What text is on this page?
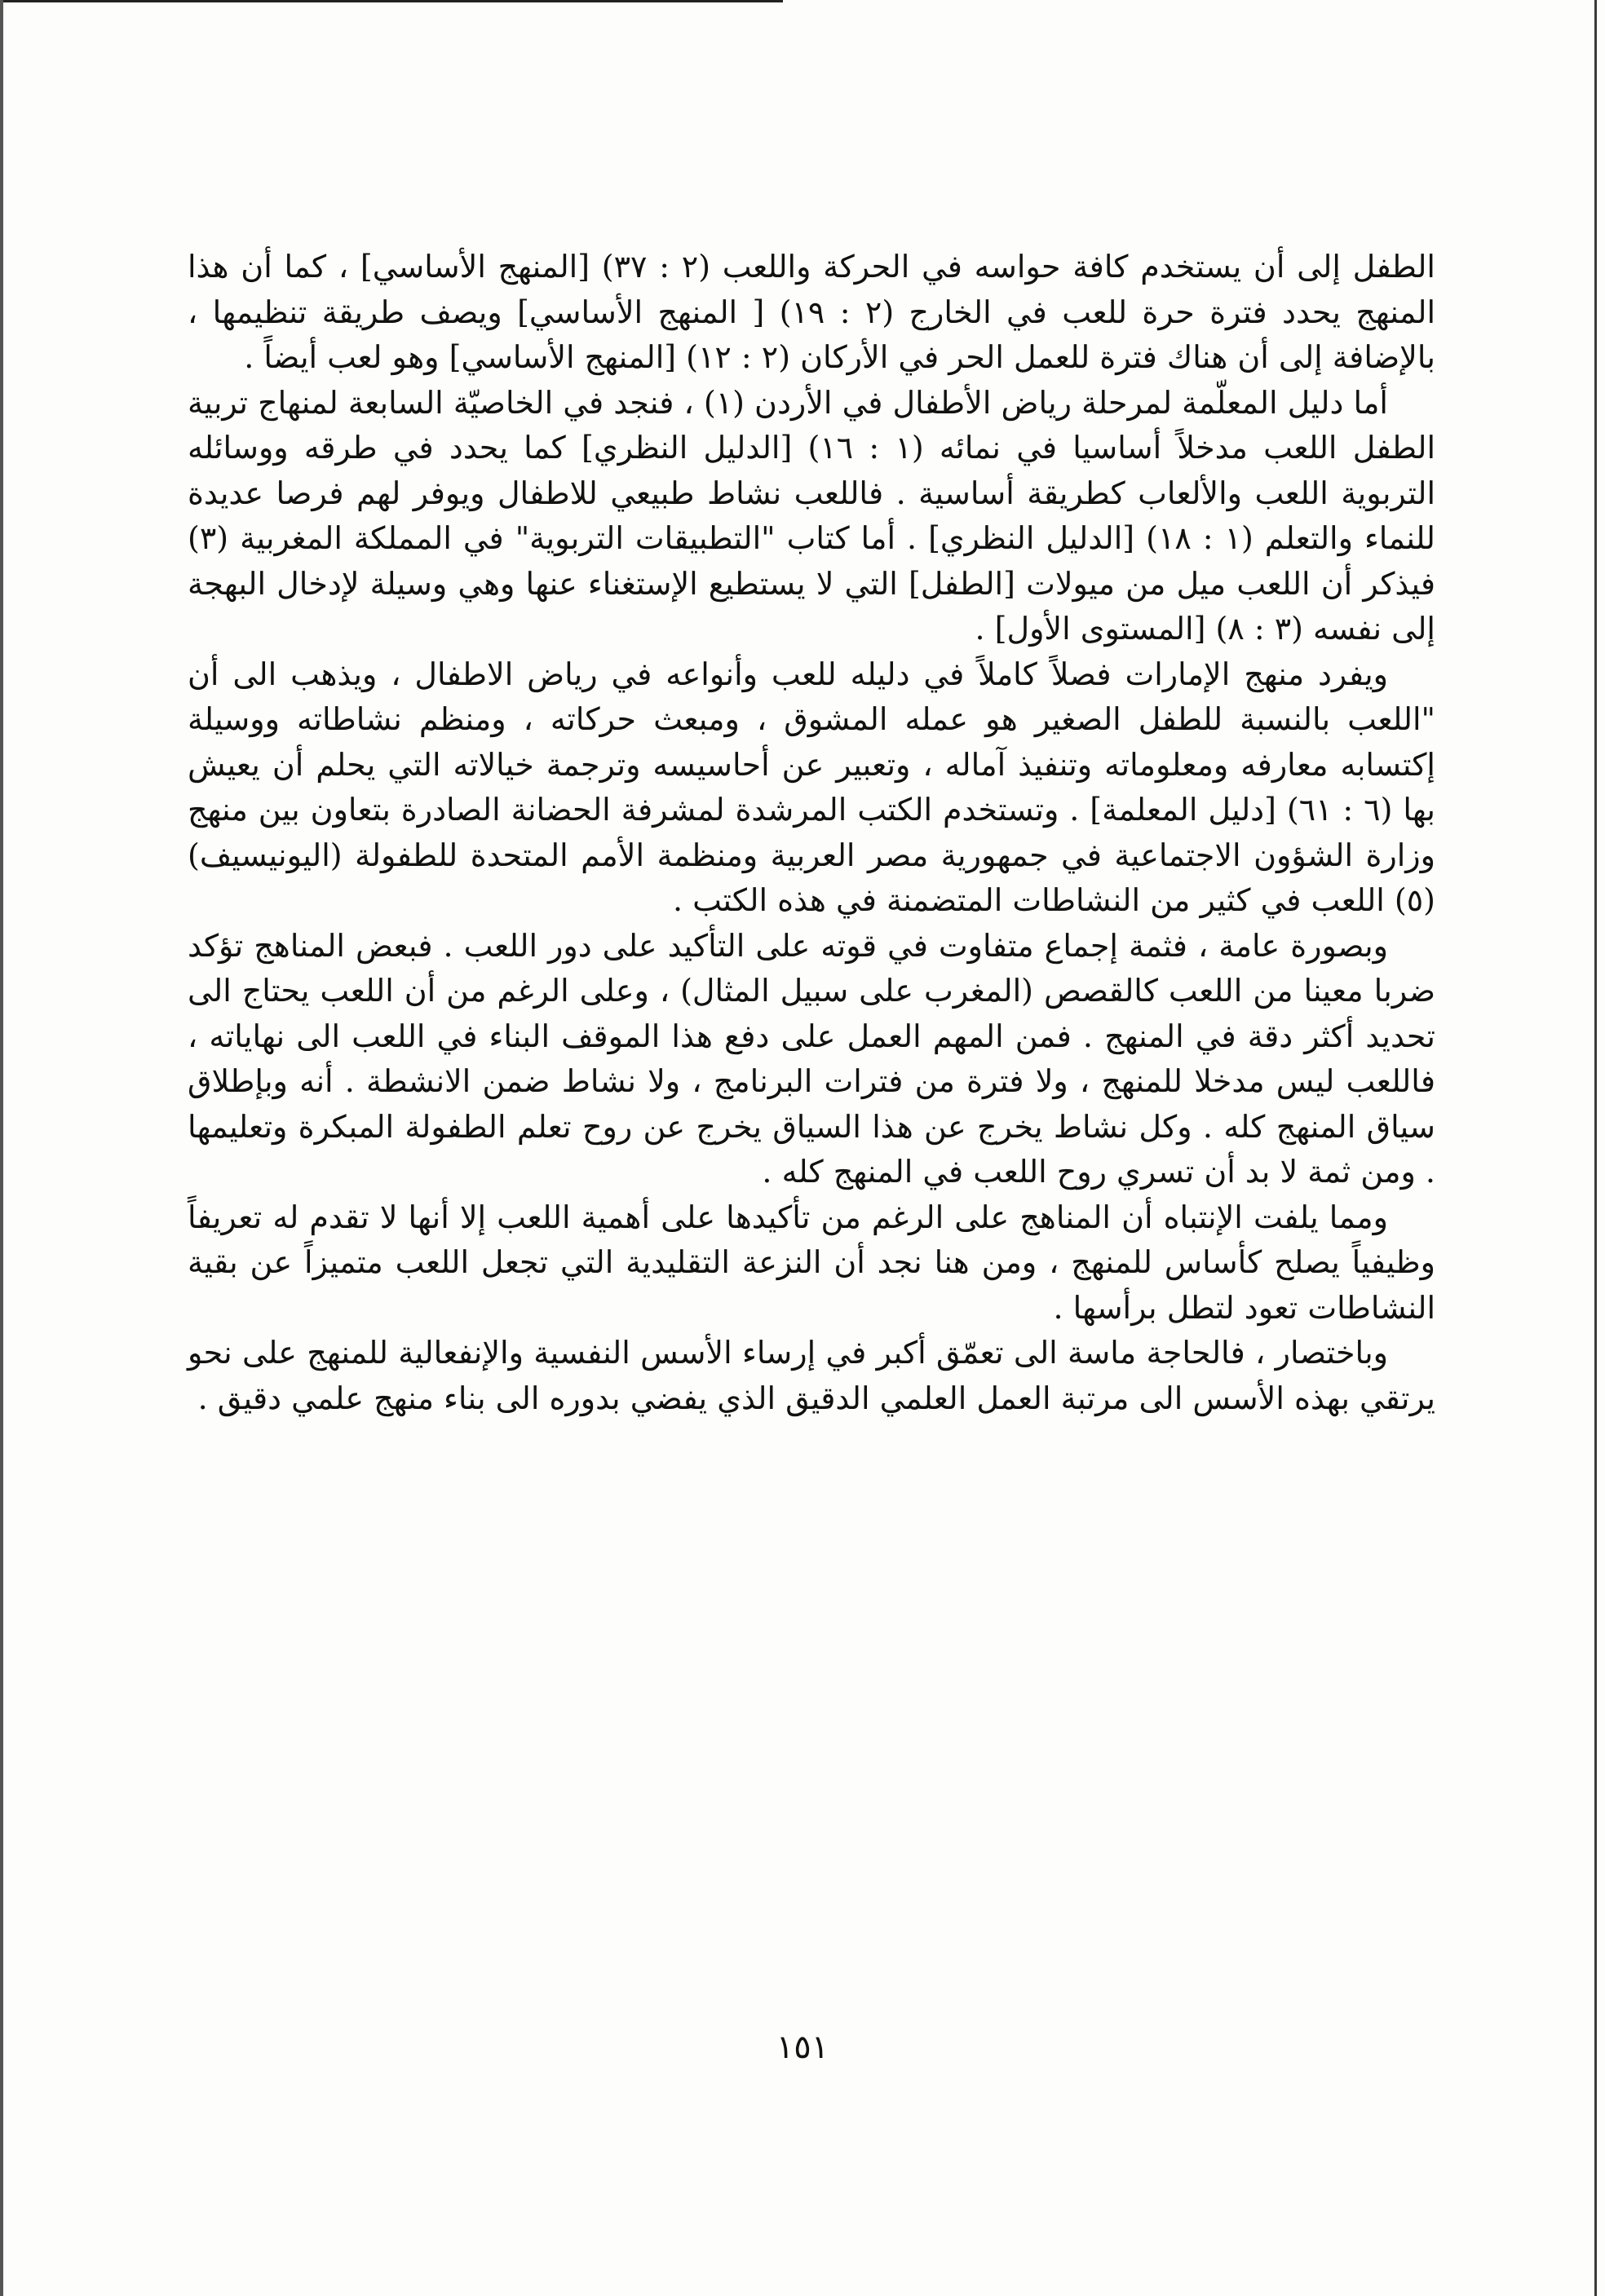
الطفل إلى أن يستخدم كافة حواسه في الحركة واللعب (٢ : ٣٧) [المنهج الأساسي] ، كما أن هذا المنهج يحدد فترة حرة للعب في الخارج (٢ : ١٩) [ المنهج الأساسي] ويصف طريقة تنظيمها ، بالإضافة إلى أن هناك فترة للعمل الحر في الأركان (٢ : ١٢) [المنهج الأساسي] وهو لعب أيضاً .

أما دليل المعلّمة لمرحلة رياض الأطفال في الأردن (١) ، فنجد في الخاصيّة السابعة لمنهاج تربية الطفل اللعب مدخلاً أساسيا في نمائه (١ : ١٦) [الدليل النظري] كما يحدد في طرقه ووسائله التربوية اللعب والألعاب كطريقة أساسية . فاللعب نشاط طبيعي للاطفال ويوفر لهم فرصا عديدة للنماء والتعلم (١ : ١٨) [الدليل النظري] . أما كتاب "التطبيقات التربوية" في المملكة المغربية (٣) فيذكر أن اللعب ميل من ميولات [الطفل] التي لا يستطيع الإستغناء عنها وهي وسيلة لإدخال البهجة إلى نفسه (٣ : ٨) [المستوى الأول] .

ويفرد منهج الإمارات فصلاً كاملاً في دليله للعب وأنواعه في رياض الاطفال ، ويذهب الى أن "اللعب بالنسبة للطفل الصغير هو عمله المشوق ، ومبعث حركاته ، ومنظم نشاطاته ووسيلة إكتسابه معارفه ومعلوماته وتنفيذ آماله ، وتعبير عن أحاسيسه وترجمة خيالاته التي يحلم أن يعيش بها (٦ : ٦١) [دليل المعلمة] . وتستخدم الكتب المرشدة لمشرفة الحضانة الصادرة بتعاون بين منهج وزارة الشؤون الاجتماعية في جمهورية مصر العربية ومنظمة الأمم المتحدة للطفولة (اليونيسيف) (٥) اللعب في كثير من النشاطات المتضمنة في هذه الكتب .

وبصورة عامة ، فثمة إجماع متفاوت في قوته على التأكيد على دور اللعب . فبعض المناهج تؤكد ضربا معينا من اللعب كالقصص (المغرب على سبيل المثال) ، وعلى الرغم من أن اللعب يحتاج الى تحديد أكثر دقة في المنهج . فمن المهم العمل على دفع هذا الموقف البناء في اللعب الى نهاياته ، فاللعب ليس مدخلا للمنهج ، ولا فترة من فترات البرنامج ، ولا نشاط ضمن الانشطة . أنه وبإطلاق سياق المنهج كله . وكل نشاط يخرج عن هذا السياق يخرج عن روح تعلم الطفولة المبكرة وتعليمها . ومن ثمة لا بد أن تسري روح اللعب في المنهج كله .

ومما يلفت الإنتباه أن المناهج على الرغم من تأكيدها على أهمية اللعب إلا أنها لا تقدم له تعريفاً وظيفياً يصلح كأساس للمنهج ، ومن هنا نجد أن النزعة التقليدية التي تجعل اللعب متميزاً عن بقية النشاطات تعود لتطل برأسها .

وباختصار ، فالحاجة ماسة الى تعمّق أكبر في إرساء الأسس النفسية والإنفعالية للمنهج على نحو يرتقي بهذه الأسس الى مرتبة العمل العلمي الدقيق الذي يفضي بدوره الى بناء منهج علمي دقيق .

١٥١
